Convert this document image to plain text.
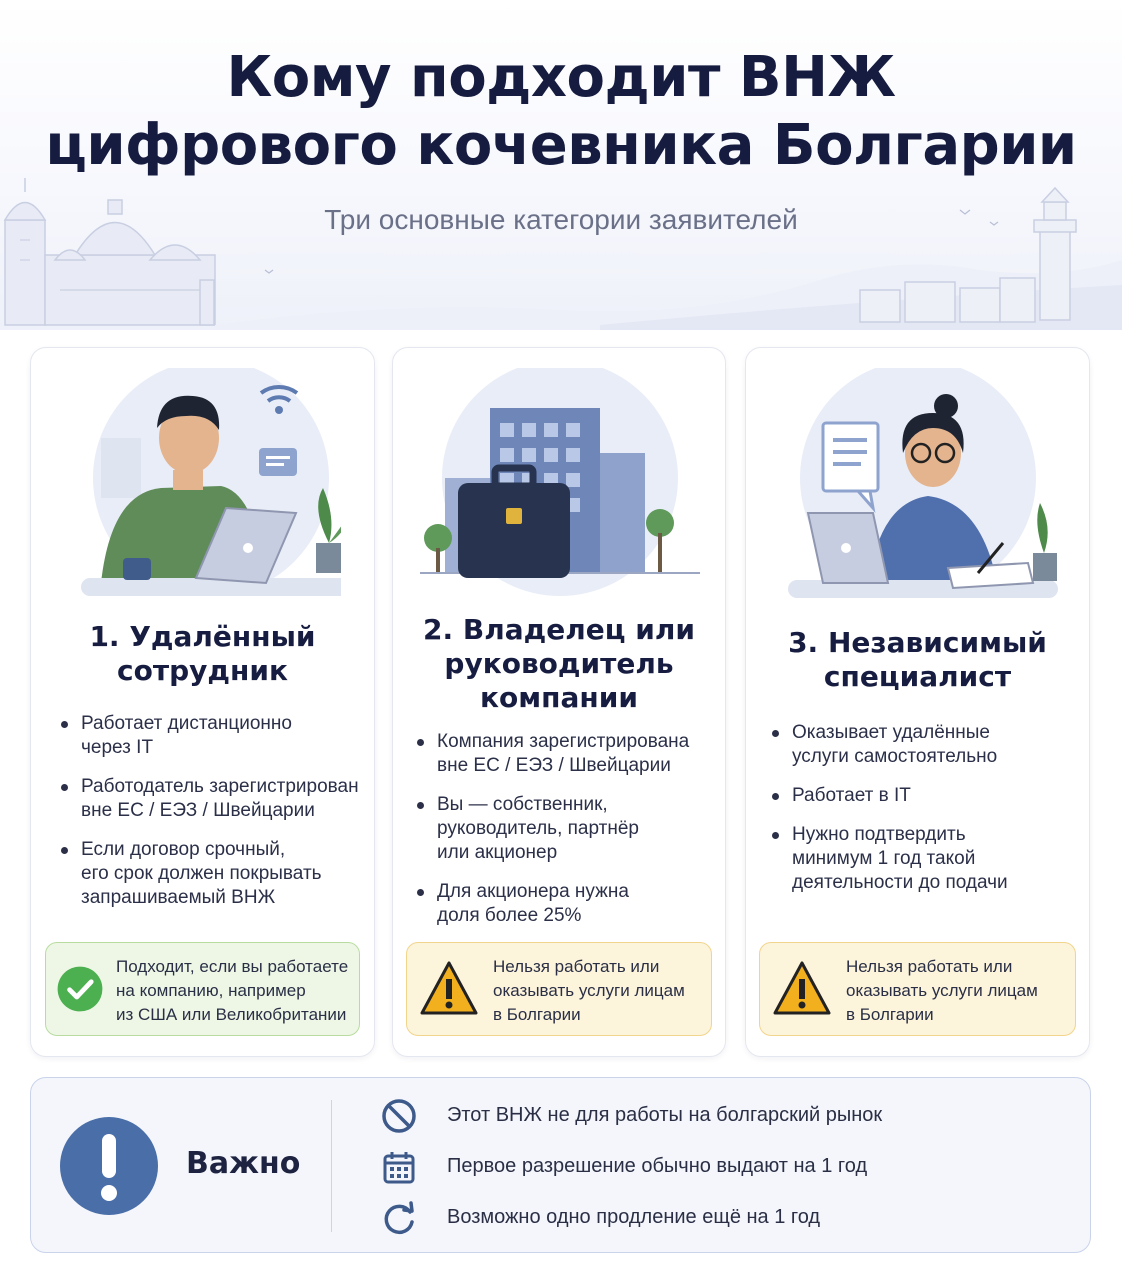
Кому подходит ВНЖ
цифрового кочевника Болгарии
Три основные категории заявителей
1. Удалённый
сотрудник
Работает дистанционно
через IT
Работодатель зарегистрирован
вне ЕС / ЕЭЗ / Швейцарии
Если договор срочный,
его срок должен покрывать
запрашиваемый ВНЖ
Подходит, если вы работаете
на компанию, например
из США или Великобритании
2. Владелец или
руководитель
компании
Компания зарегистрирована
вне ЕС / ЕЭЗ / Швейцарии
Вы — собственник,
руководитель, партнёр
или акционер
Для акционера нужна
доля более 25%
Нельзя работать или
оказывать услуги лицам
в Болгарии
3. Независимый
специалист
Оказывает удалённые
услуги самостоятельно
Работает в IT
Нужно подтвердить
минимум 1 год такой
деятельности до подачи
Нельзя работать или
оказывать услуги лицам
в Болгарии
Важно
Этот ВНЖ не для работы на болгарский рынок
Первое разрешение обычно выдают на 1 год
Возможно одно продление ещё на 1 год
